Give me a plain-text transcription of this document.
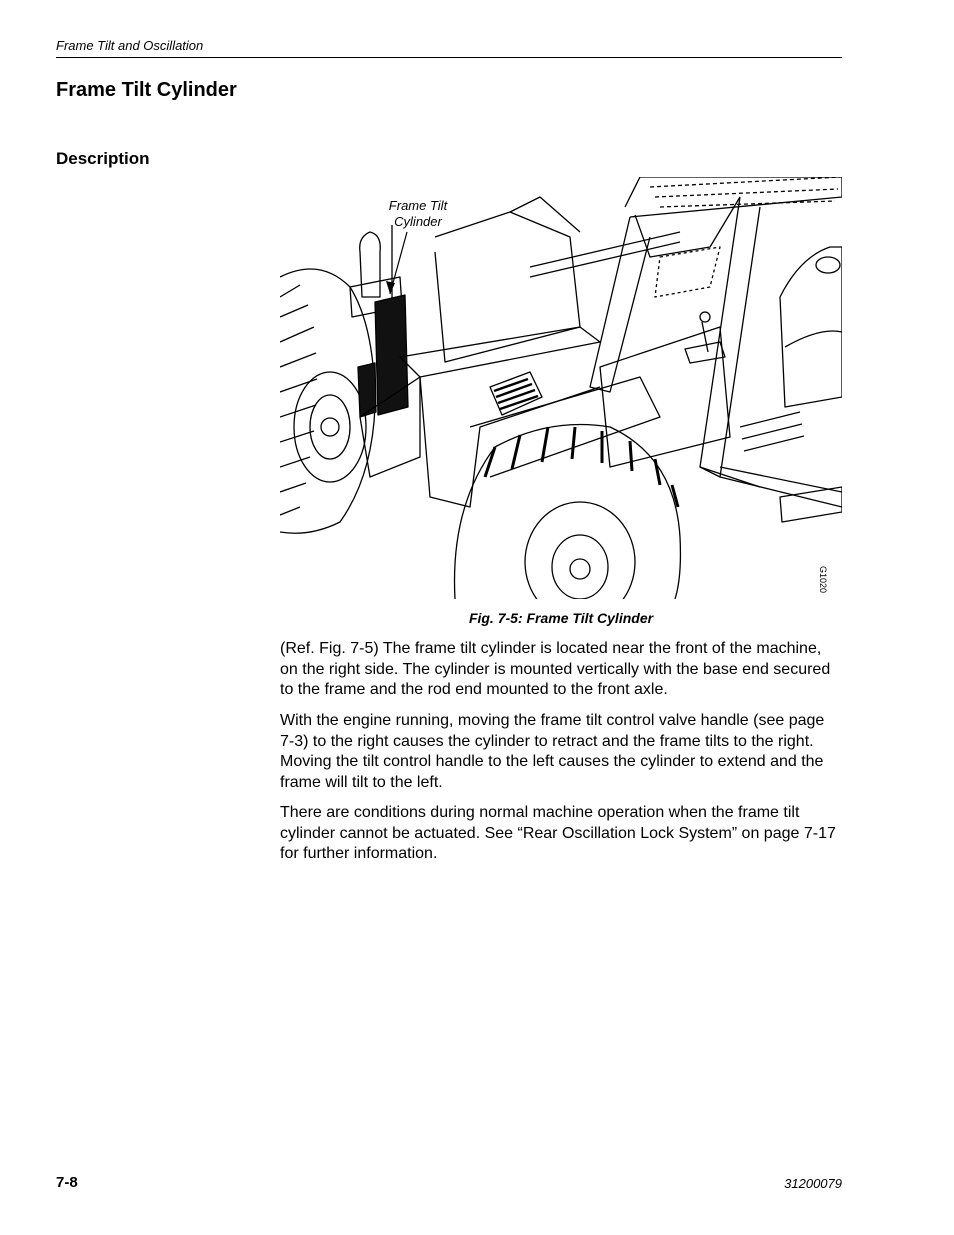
Frame Tilt and Oscillation
Frame Tilt Cylinder
Description
Frame Tilt
Cylinder
G1020
Fig. 7-5: Frame Tilt Cylinder

(Ref. Fig. 7-5) The frame tilt cylinder is located near the front of the machine, on the right side. The cylinder is mounted vertically with the base end secured to the frame and the rod end mounted to the front axle.

With the engine running, moving the frame tilt control valve handle (see page 7-3) to the right causes the cylinder to retract and the frame tilts to the right. Moving the tilt control handle to the left causes the cylinder to extend and the frame will tilt to the left.

There are conditions during normal machine operation when the frame tilt cylinder cannot be actuated. See “Rear Oscillation Lock System” on page 7-17 for further information.

7-8	31200079
